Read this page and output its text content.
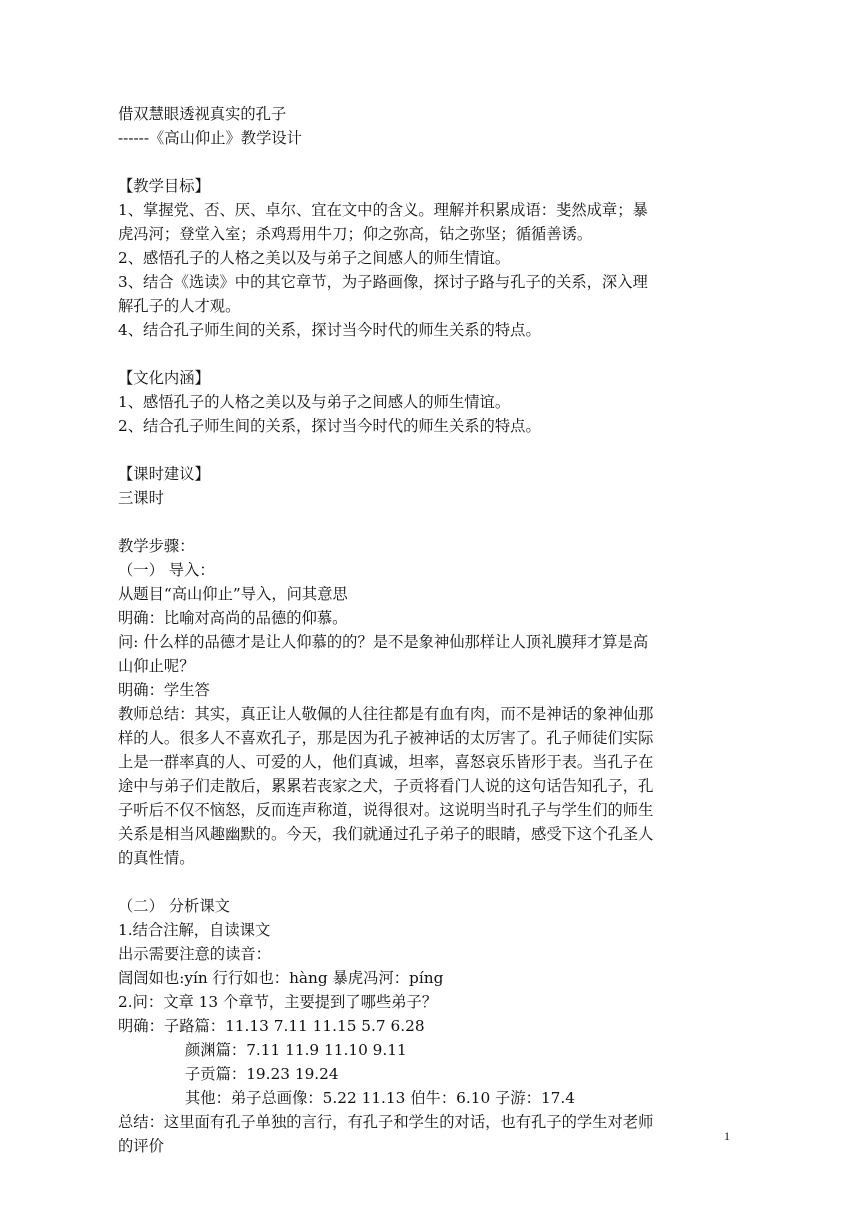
借双慧眼透视真实的孔子
------《高山仰止》教学设计
【教学目标】
1、掌握党、否、厌、卓尔、宜在文中的含义。理解并积累成语：斐然成章；暴
虎冯河；登堂入室；杀鸡焉用牛刀；仰之弥高，钻之弥坚；循循善诱。
2、感悟孔子的人格之美以及与弟子之间感人的师生情谊。
3、结合《选读》中的其它章节，为子路画像，探讨子路与孔子的关系，深入理
解孔子的人才观。
4、结合孔子师生间的关系，探讨当今时代的师生关系的特点。
【文化内涵】
1、感悟孔子的人格之美以及与弟子之间感人的师生情谊。
2、结合孔子师生间的关系，探讨当今时代的师生关系的特点。
【课时建议】
三课时
教学步骤：
（一） 导入：
从题目“高山仰止”导入，问其意思
明确：比喻对高尚的品德的仰慕。
问: 什么样的品德才是让人仰慕的的？是不是象神仙那样让人顶礼膜拜才算是高
山仰止呢？
明确：学生答
教师总结：其实，真正让人敬佩的人往往都是有血有肉，而不是神话的象神仙那
样的人。很多人不喜欢孔子，那是因为孔子被神话的太厉害了。孔子师徒们实际
上是一群率真的人、可爱的人，他们真诚，坦率，喜怒哀乐皆形于表。当孔子在
途中与弟子们走散后，累累若丧家之犬，子贡将看门人说的这句话告知孔子，孔
子听后不仅不恼怒，反而连声称道，说得很对。这说明当时孔子与学生们的师生
关系是相当风趣幽默的。今天，我们就通过孔子弟子的眼睛，感受下这个孔圣人
的真性情。
（二） 分析课文
1.结合注解，自读课文
出示需要注意的读音：
訚訚如也:yín 行行如也：hàng 暴虎冯河：píng
2.问：文章 13 个章节，主要提到了哪些弟子？
明确：子路篇：11.13 7.11 11.15 5.7 6.28
颜渊篇：7.11 11.9 11.10 9.11
子贡篇：19.23 19.24
其他：弟子总画像：5.22 11.13 伯牛：6.10 子游：17.4
总结：这里面有孔子单独的言行，有孔子和学生的对话，也有孔子的学生对老师
的评价
1
